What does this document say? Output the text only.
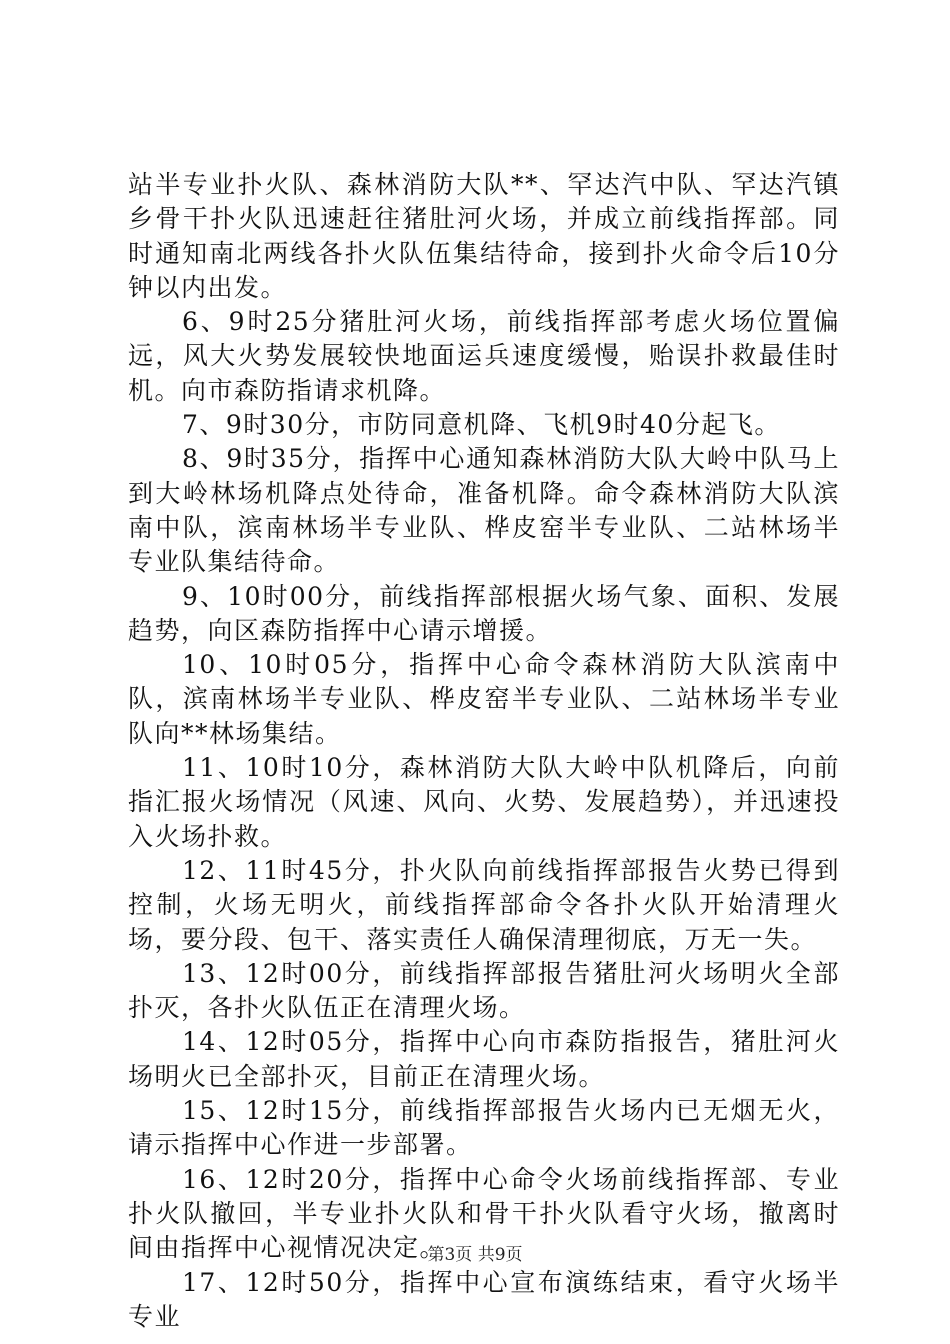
站半专业扑火队、森林消防大队**、罕达汽中队、罕达汽镇乡骨干扑火队迅速赶往猪肚河火场，并成立前线指挥部。同时通知南北两线各扑火队伍集结待命，接到扑火命令后10分钟以内出发。

6、9时25分猪肚河火场，前线指挥部考虑火场位置偏远，风大火势发展较快地面运兵速度缓慢，贻误扑救最佳时机。向市森防指请求机降。

7、9时30分，市防同意机降、飞机9时40分起飞。

8、9时35分，指挥中心通知森林消防大队大岭中队马上到大岭林场机降点处待命，准备机降。命令森林消防大队滨南中队，滨南林场半专业队、桦皮窑半专业队、二站林场半专业队集结待命。

9、10时00分，前线指挥部根据火场气象、面积、发展趋势，向区森防指挥中心请示增援。

10、10时05分，指挥中心命令森林消防大队滨南中队，滨南林场半专业队、桦皮窑半专业队、二站林场半专业队向**林场集结。

11、10时10分，森林消防大队大岭中队机降后，向前指汇报火场情况（风速、风向、火势、发展趋势），并迅速投入火场扑救。

12、11时45分，扑火队向前线指挥部报告火势已得到控制，火场无明火，前线指挥部命令各扑火队开始清理火场，要分段、包干、落实责任人确保清理彻底，万无一失。

13、12时00分，前线指挥部报告猪肚河火场明火全部扑灭，各扑火队伍正在清理火场。

14、12时05分，指挥中心向市森防指报告，猪肚河火场明火已全部扑灭，目前正在清理火场。

15、12时15分，前线指挥部报告火场内已无烟无火，请示指挥中心作进一步部署。

16、12时20分，指挥中心命令火场前线指挥部、专业扑火队撤回，半专业扑火队和骨干扑火队看守火场，撤离时间由指挥中心视情况决定。

17、12时50分，指挥中心宣布演练结束，看守火场半专业

第3页 共9页
